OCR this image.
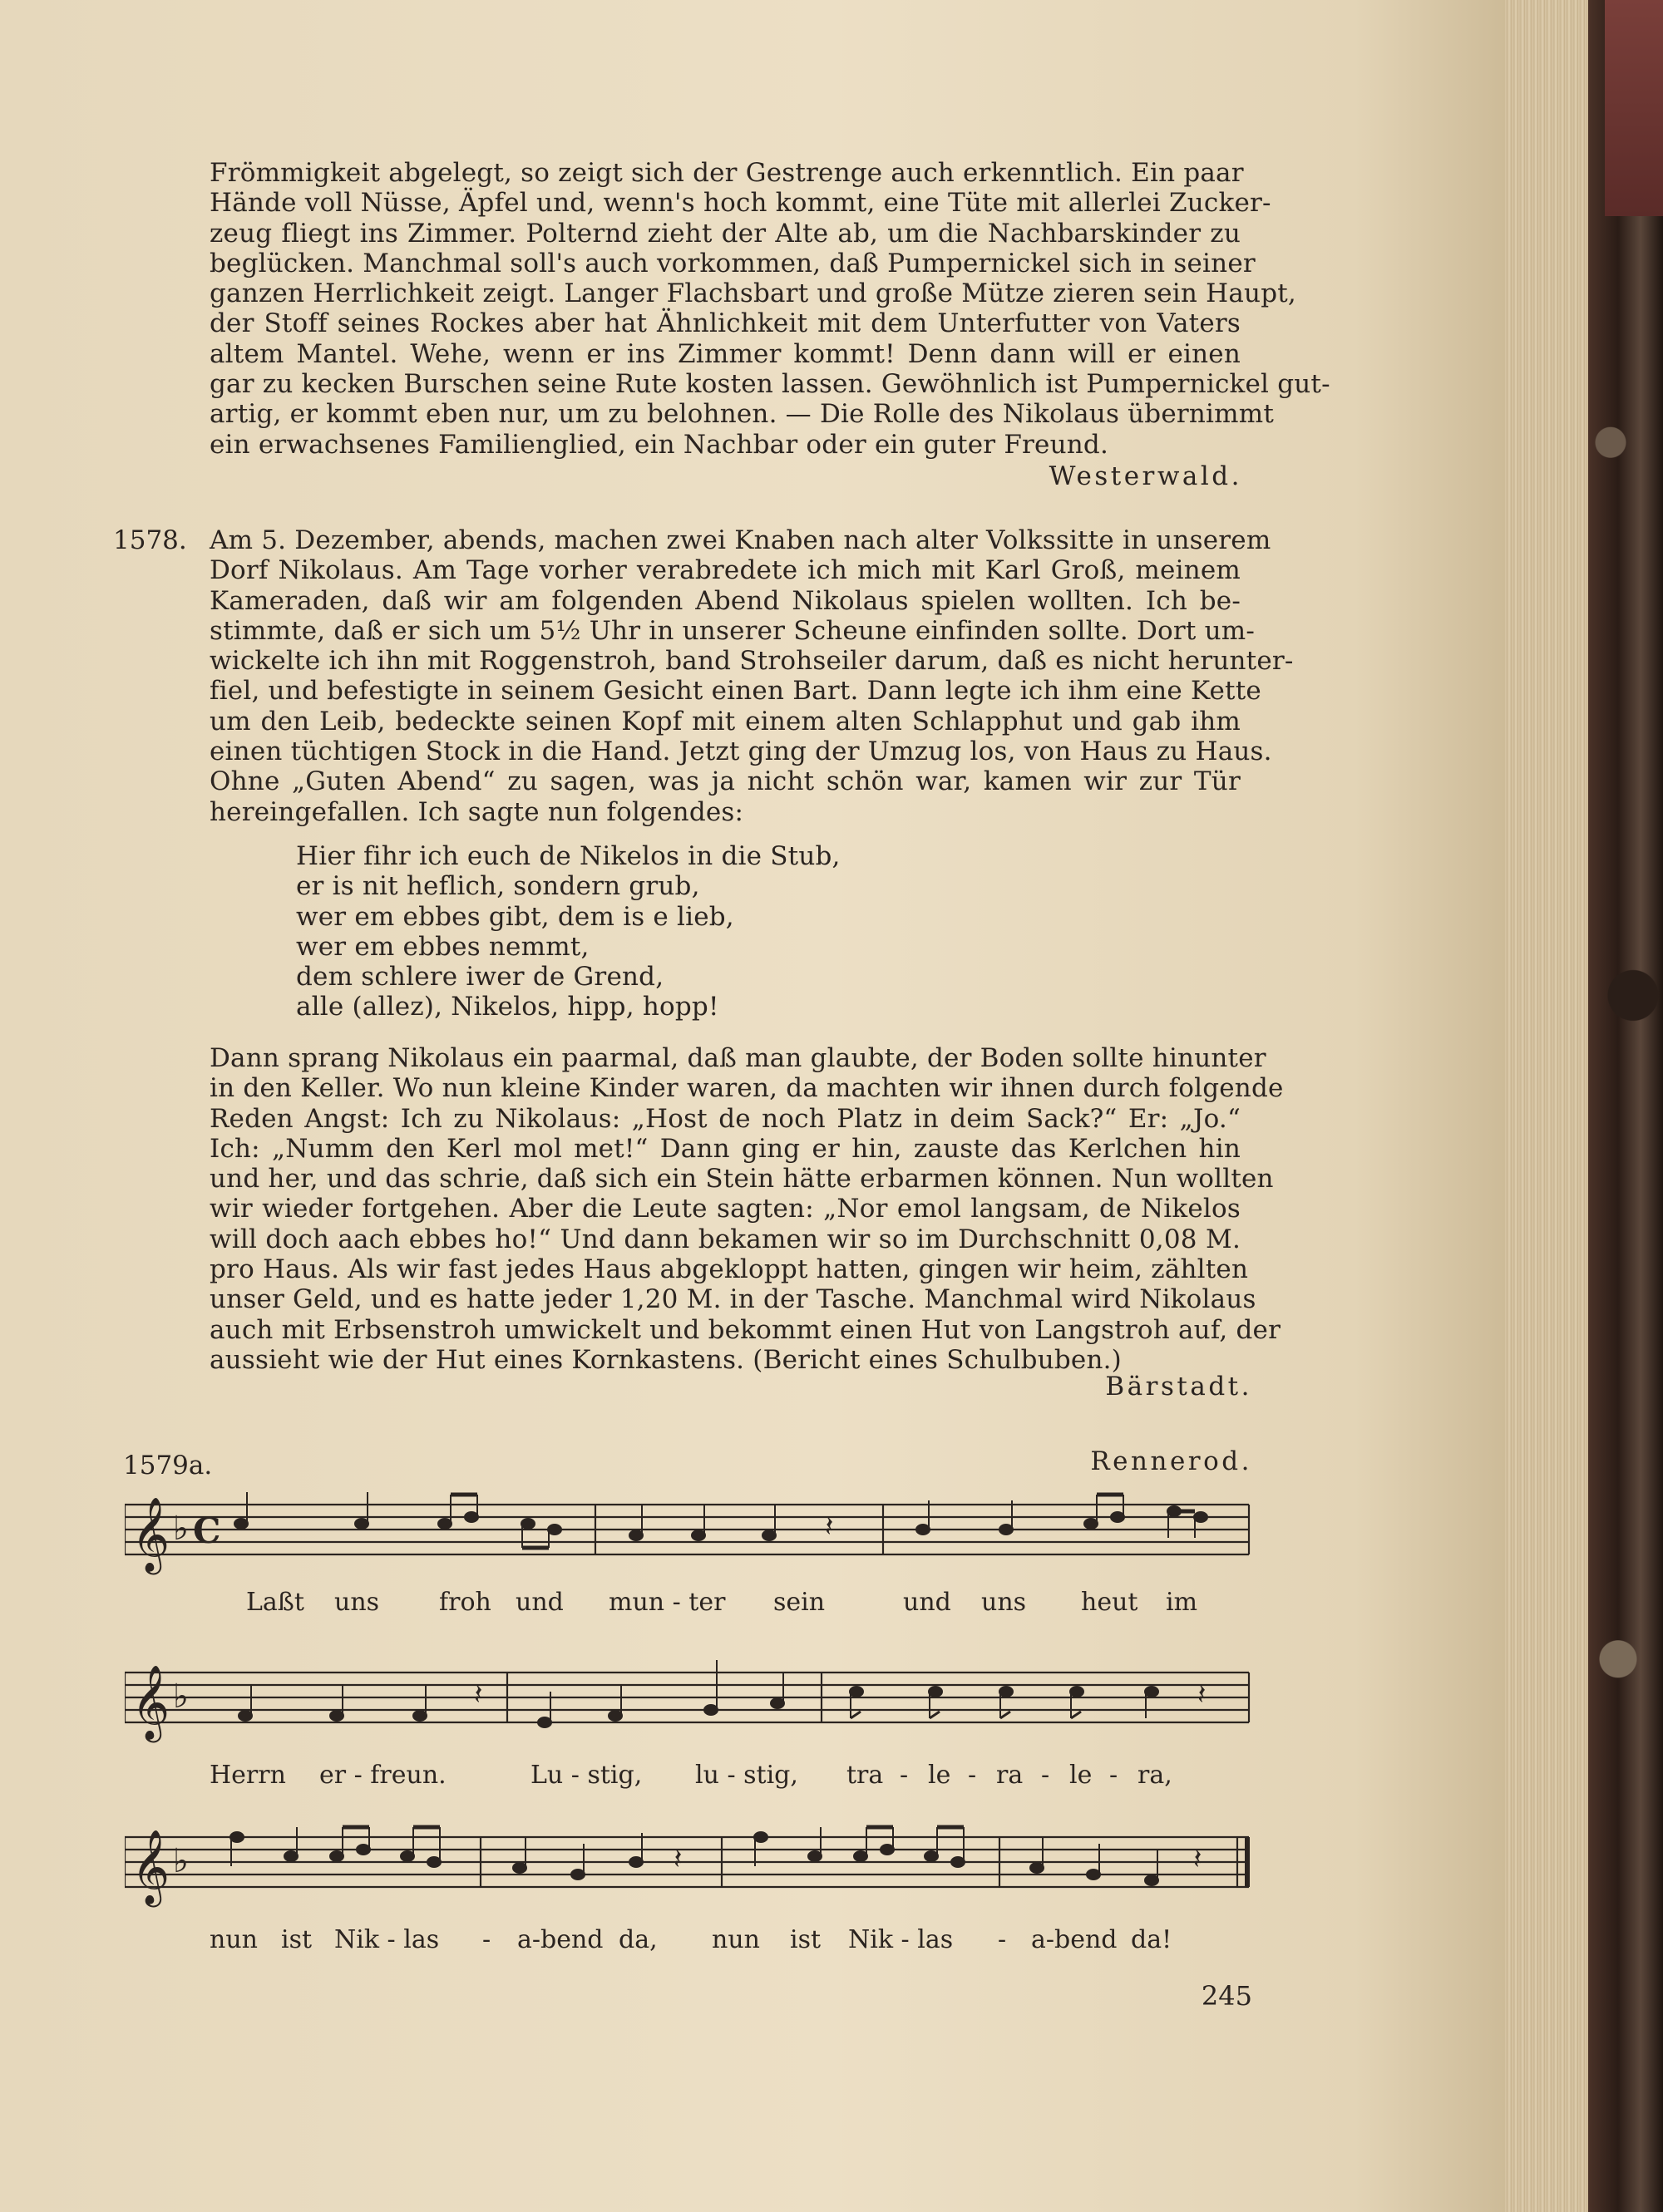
Frömmigkeit abgelegt, so zeigt sich der Gestrenge auch erkenntlich. Ein paar

Hände voll Nüsse, Äpfel und, wenn's hoch kommt, eine Tüte mit allerlei Zucker-

zeug fliegt ins Zimmer. Polternd zieht der Alte ab, um die Nachbarskinder zu

beglücken. Manchmal soll's auch vorkommen, daß Pumpernickel sich in seiner

ganzen Herrlichkeit zeigt. Langer Flachsbart und große Mütze zieren sein Haupt,

der Stoff seines Rockes aber hat Ähnlichkeit mit dem Unterfutter von Vaters

altem Mantel. Wehe, wenn er ins Zimmer kommt! Denn dann will er einen

gar zu kecken Burschen seine Rute kosten lassen. Gewöhnlich ist Pumpernickel gut-

artig, er kommt eben nur, um zu belohnen. — Die Rolle des Nikolaus übernimmt

ein erwachsenes Familienglied, ein Nachbar oder ein guter Freund.

Westerwald.
1578. Am 5. Dezember, abends, machen zwei Knaben nach alter Volkssitte in unserem

Dorf Nikolaus. Am Tage vorher verabredete ich mich mit Karl Groß, meinem

Kameraden, daß wir am folgenden Abend Nikolaus spielen wollten. Ich be-

stimmte, daß er sich um 5½ Uhr in unserer Scheune einfinden sollte. Dort um-

wickelte ich ihn mit Roggenstroh, band Strohseiler darum, daß es nicht herunter-

fiel, und befestigte in seinem Gesicht einen Bart. Dann legte ich ihm eine Kette

um den Leib, bedeckte seinen Kopf mit einem alten Schlapphut und gab ihm

einen tüchtigen Stock in die Hand. Jetzt ging der Umzug los, von Haus zu Haus.

Ohne „Guten Abend“ zu sagen, was ja nicht schön war, kamen wir zur Tür

hereingefallen. Ich sagte nun folgendes:

Hier fihr ich euch de Nikelos in die Stub,

er is nit heflich, sondern grub,

wer em ebbes gibt, dem is e lieb,

wer em ebbes nemmt,

dem schlere iwer de Grend,

alle (allez), Nikelos, hipp, hopp!

Dann sprang Nikolaus ein paarmal, daß man glaubte, der Boden sollte hinunter

in den Keller. Wo nun kleine Kinder waren, da machten wir ihnen durch folgende

Reden Angst: Ich zu Nikolaus: „Host de noch Platz in deim Sack?“ Er: „Jo.“

Ich: „Numm den Kerl mol met!“ Dann ging er hin, zauste das Kerlchen hin

und her, und das schrie, daß sich ein Stein hätte erbarmen können. Nun wollten

wir wieder fortgehen. Aber die Leute sagten: „Nor emol langsam, de Nikelos

will doch aach ebbes ho!“ Und dann bekamen wir so im Durchschnitt 0,08 M.

pro Haus. Als wir fast jedes Haus abgekloppt hatten, gingen wir heim, zählten

unser Geld, und es hatte jeder 1,20 M. in der Tasche. Manchmal wird Nikolaus

auch mit Erbsenstroh umwickelt und bekommt einen Hut von Langstroh auf, der

aussieht wie der Hut eines Kornkastens. (Bericht eines Schulbuben.)

Bärstadt.
1579a.	Rennerod.
𝄞 ♭ C	𝄽
𝄞 ♭	𝄽	𝄽
𝄞 ♭	𝄽	𝄽
Laßt uns froh und mun - ter sein	und uns heut im
Herrn er - freun.	Lu - stig, lu - stig, tra - le - ra - le - ra,
nun ist Nik - las - a-bend da, nun ist Nik - las - a-bend da!
245
